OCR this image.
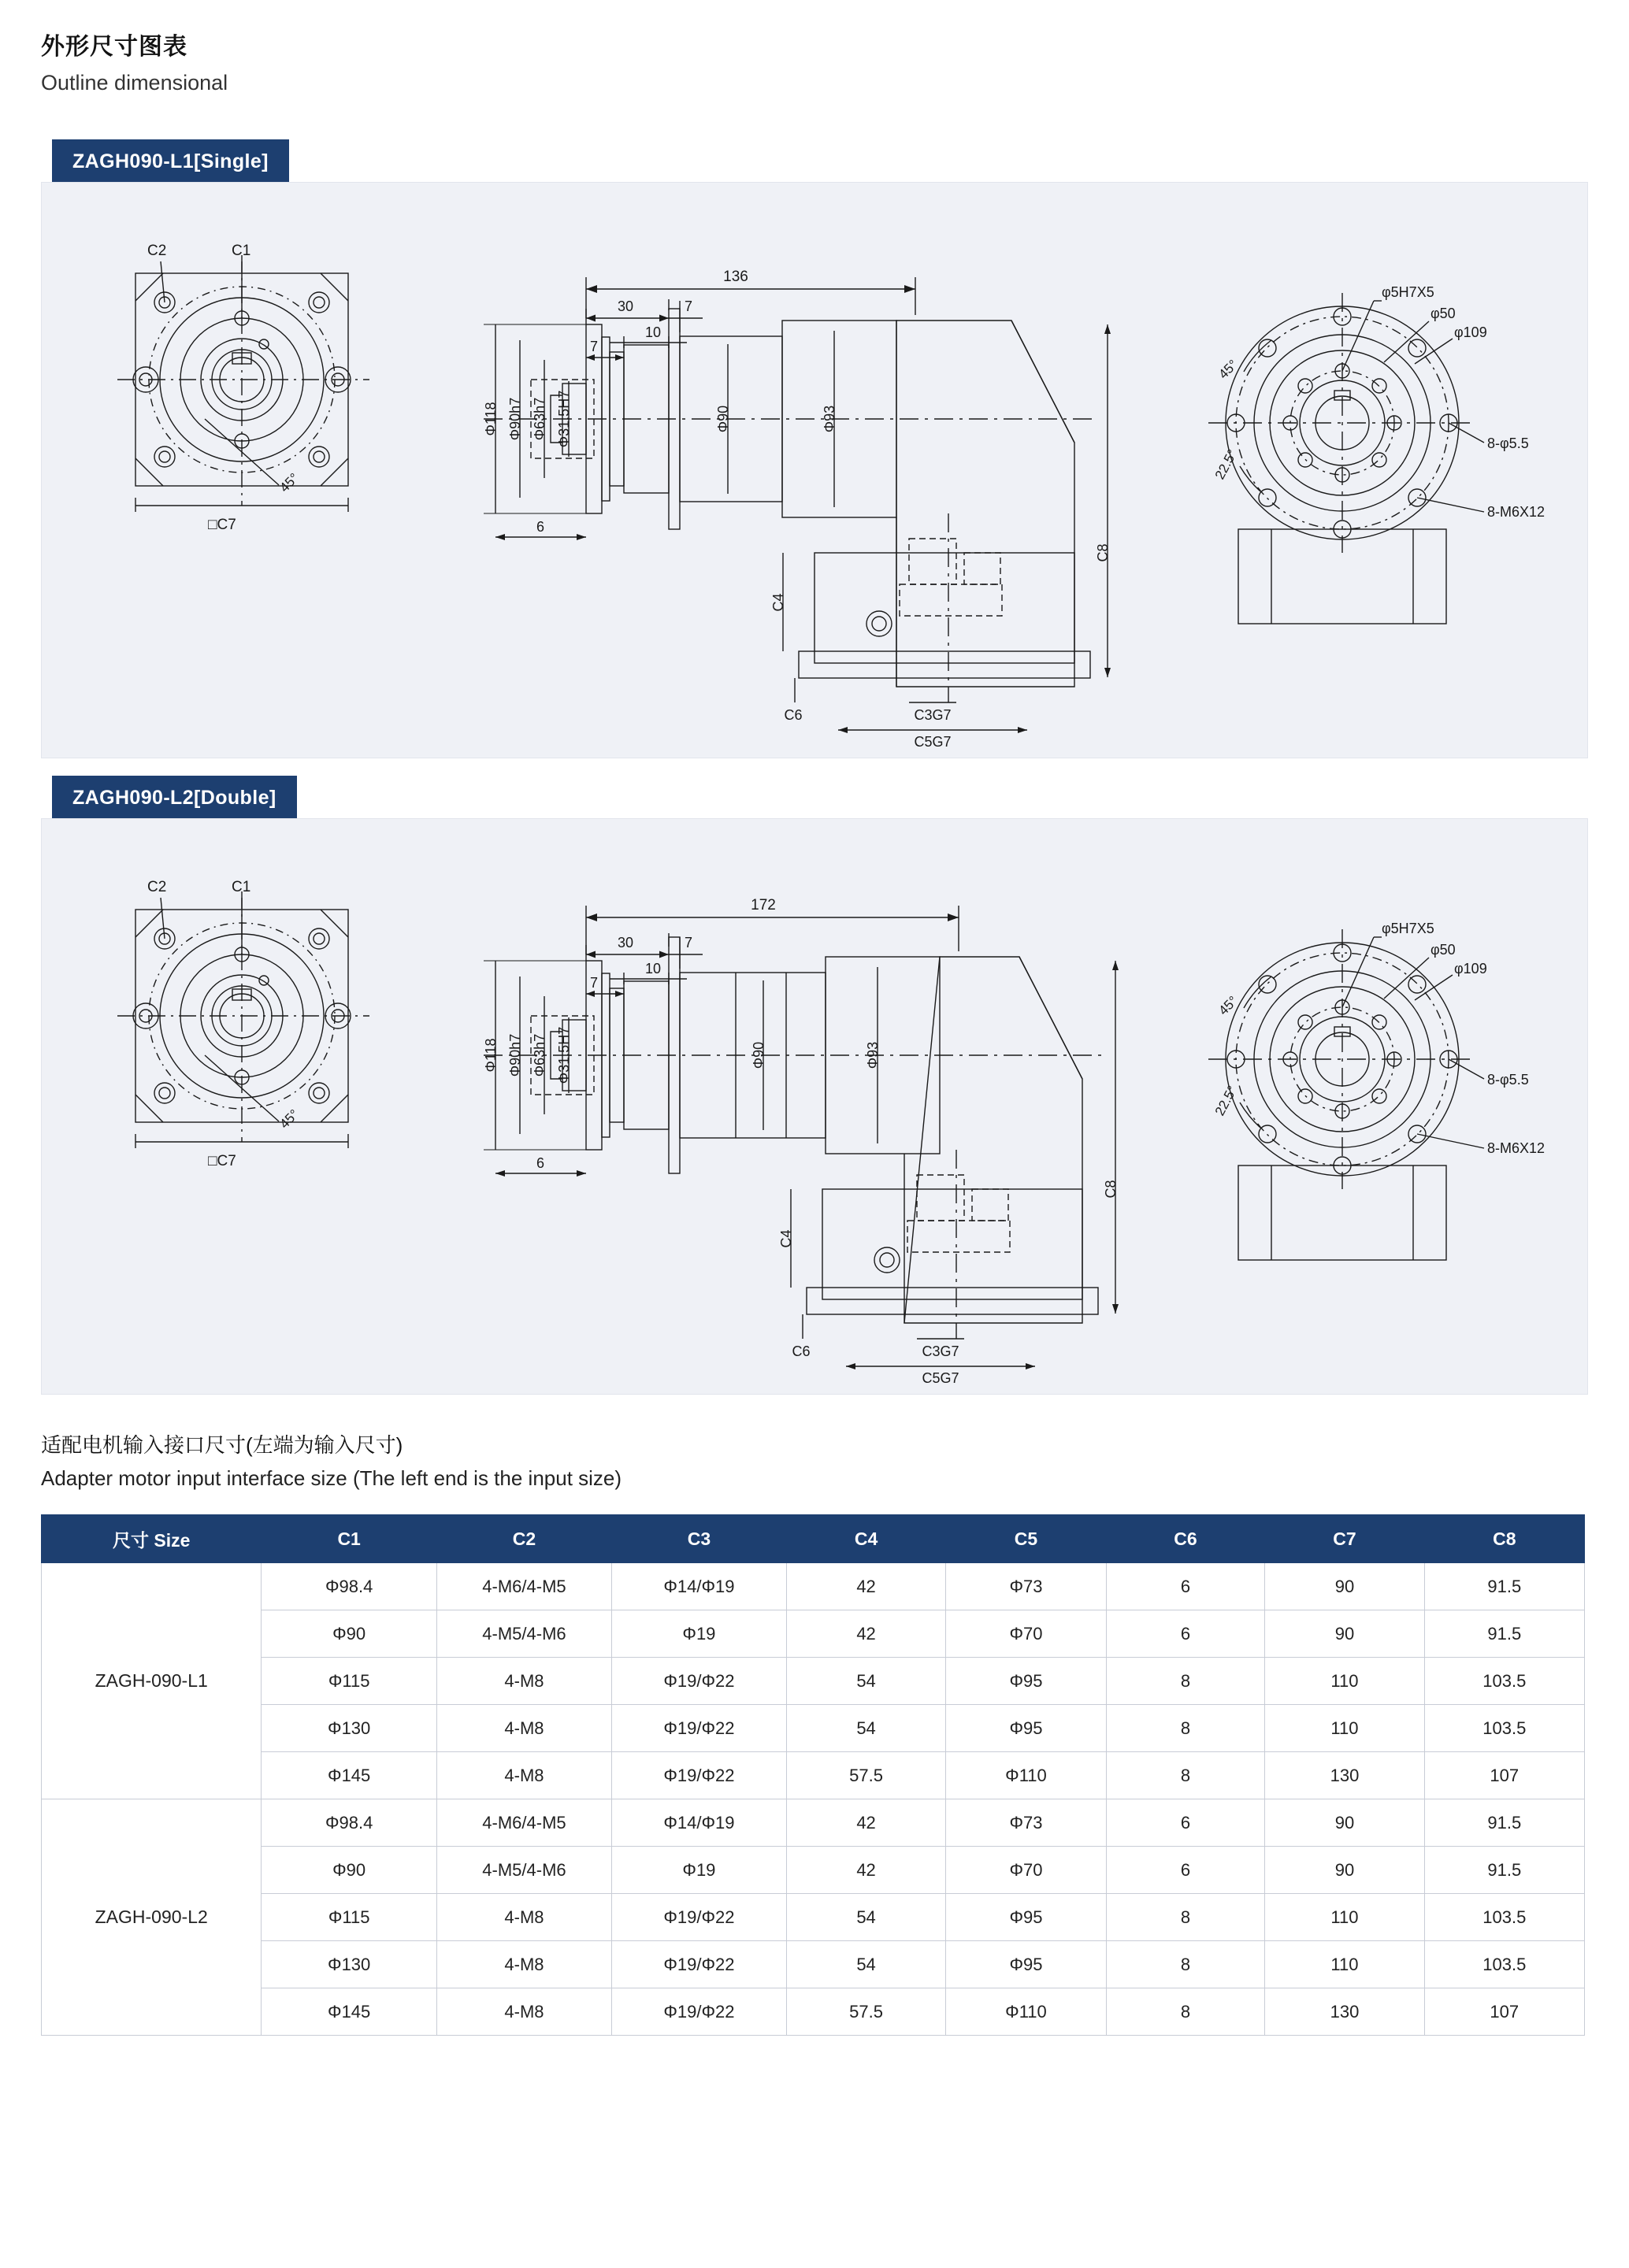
外形尺寸图表
Outline dimensional
ZAGH090-L1[Single]
45°
C2	C1
□C7
136
30	7
10
7
Φ118 Φ90h7 Φ63h7 Φ31.5H7
6
Φ90	Φ93
C8
C4
C6	C3G7
C5G7
φ5H7X5
φ50
φ109
8-φ5.5
8-M6X12
45°
22.5°
ZAGH090-L2[Double]
45°
C2	C1
□C7
172
30	7
10
7
Φ118 Φ90h7 Φ63h7 Φ31.5H7
6
Φ90	Φ93
C8
C4
C6	C3G7
C5G7
φ5H7X5
φ50
φ109
8-φ5.5
8-M6X12
45°
22.5°
适配电机输入接口尺寸(左端为输入尺寸)
Adapter motor input interface size (The left end is the input size)
尺寸 Size	C1	C2	C3	C4	C5	C6	C7	C8
ZAGH-090-L1	Φ98.4	4-M6/4-M5	Φ14/Φ19	42	Φ73	6	90	91.5
	Φ90	4-M5/4-M6	Φ19	42	Φ70	6	90	91.5
	Φ115	4-M8	Φ19/Φ22	54	Φ95	8	110	103.5
	Φ130	4-M8	Φ19/Φ22	54	Φ95	8	110	103.5
	Φ145	4-M8	Φ19/Φ22	57.5	Φ110	8	130	107
ZAGH-090-L2	Φ98.4	4-M6/4-M5	Φ14/Φ19	42	Φ73	6	90	91.5
	Φ90	4-M5/4-M6	Φ19	42	Φ70	6	90	91.5
	Φ115	4-M8	Φ19/Φ22	54	Φ95	8	110	103.5
	Φ130	4-M8	Φ19/Φ22	54	Φ95	8	110	103.5
	Φ145	4-M8	Φ19/Φ22	57.5	Φ110	8	130	107
